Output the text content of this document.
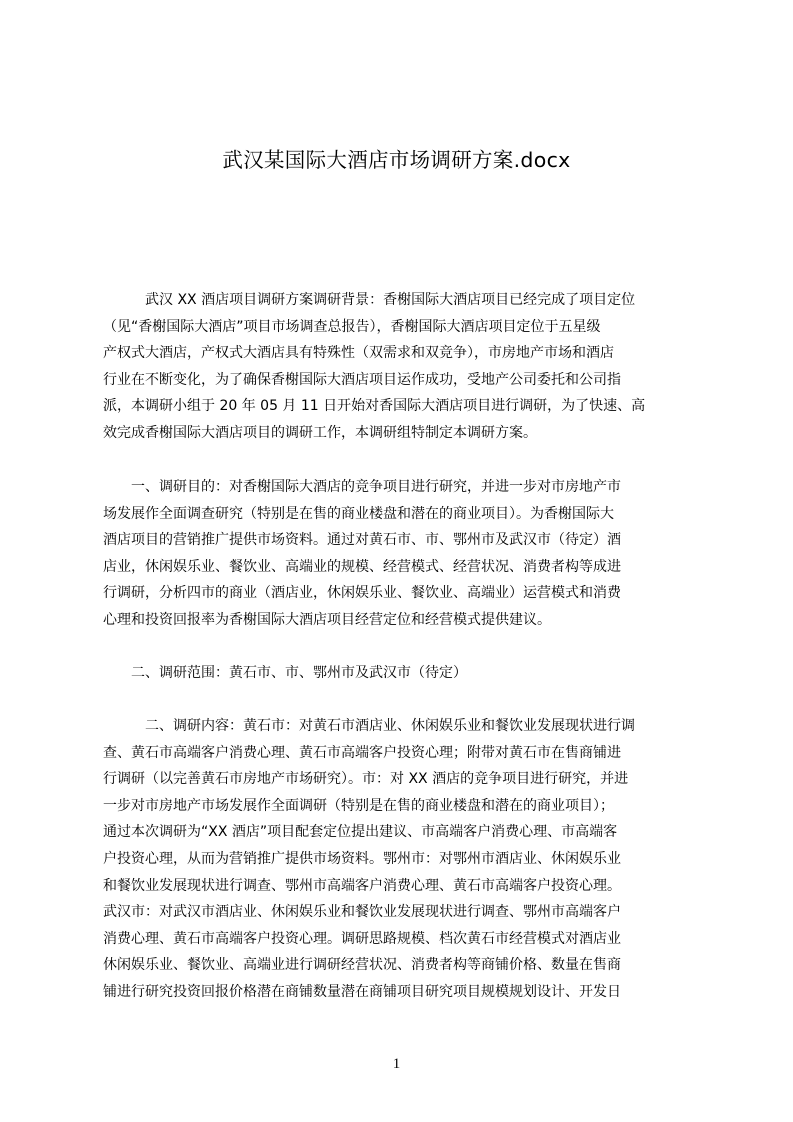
武汉某国际大酒店市场调研方案.docx
　　　武汉 XX 酒店项目调研方案调研背景：香榭国际大酒店项目已经完成了项目定位
（见“香榭国际大酒店”项目市场调查总报告），香榭国际大酒店项目定位于五星级
产权式大酒店，产权式大酒店具有特殊性（双需求和双竞争），市房地产市场和酒店
行业在不断变化，为了确保香榭国际大酒店项目运作成功，受地产公司委托和公司指
派，本调研小组于 20 年 05 月 11 日开始对香国际大酒店项目进行调研，为了快速、高
效完成香榭国际大酒店项目的调研工作，本调研组特制定本调研方案。
　　一、调研目的：对香榭国际大酒店的竞争项目进行研究，并进一步对市房地产市
场发展作全面调查研究（特别是在售的商业楼盘和潜在的商业项目）。为香榭国际大
酒店项目的营销推广提供市场资料。通过对黄石市、市、鄂州市及武汉市（待定）酒
店业，休闲娱乐业、餐饮业、高端业的规模、经营模式、经营状况、消费者构等成进
行调研，分析四市的商业（酒店业，休闲娱乐业、餐饮业、高端业）运营模式和消费
心理和投资回报率为香榭国际大酒店项目经营定位和经营模式提供建议。
　　二、调研范围：黄石市、市、鄂州市及武汉市（待定）
　　　二、调研内容：黄石市：对黄石市酒店业、休闲娱乐业和餐饮业发展现状进行调
查、黄石市高端客户消费心理、黄石市高端客户投资心理；附带对黄石市在售商铺进
行调研（以完善黄石市房地产市场研究）。市：对 XX 酒店的竞争项目进行研究，并进
一步对市房地产市场发展作全面调研（特别是在售的商业楼盘和潜在的商业项目）；
通过本次调研为“XX 酒店”项目配套定位提出建议、市高端客户消费心理、市高端客
户投资心理，从而为营销推广提供市场资料。鄂州市：对鄂州市酒店业、休闲娱乐业
和餐饮业发展现状进行调查、鄂州市高端客户消费心理、黄石市高端客户投资心理。
武汉市：对武汉市酒店业、休闲娱乐业和餐饮业发展现状进行调查、鄂州市高端客户
消费心理、黄石市高端客户投资心理。调研思路规模、档次黄石市经营模式对酒店业
休闲娱乐业、餐饮业、高端业进行调研经营状况、消费者构等商铺价格、数量在售商
铺进行研究投资回报价格潜在商铺数量潜在商铺项目研究项目规模规划设计、开发日
1
